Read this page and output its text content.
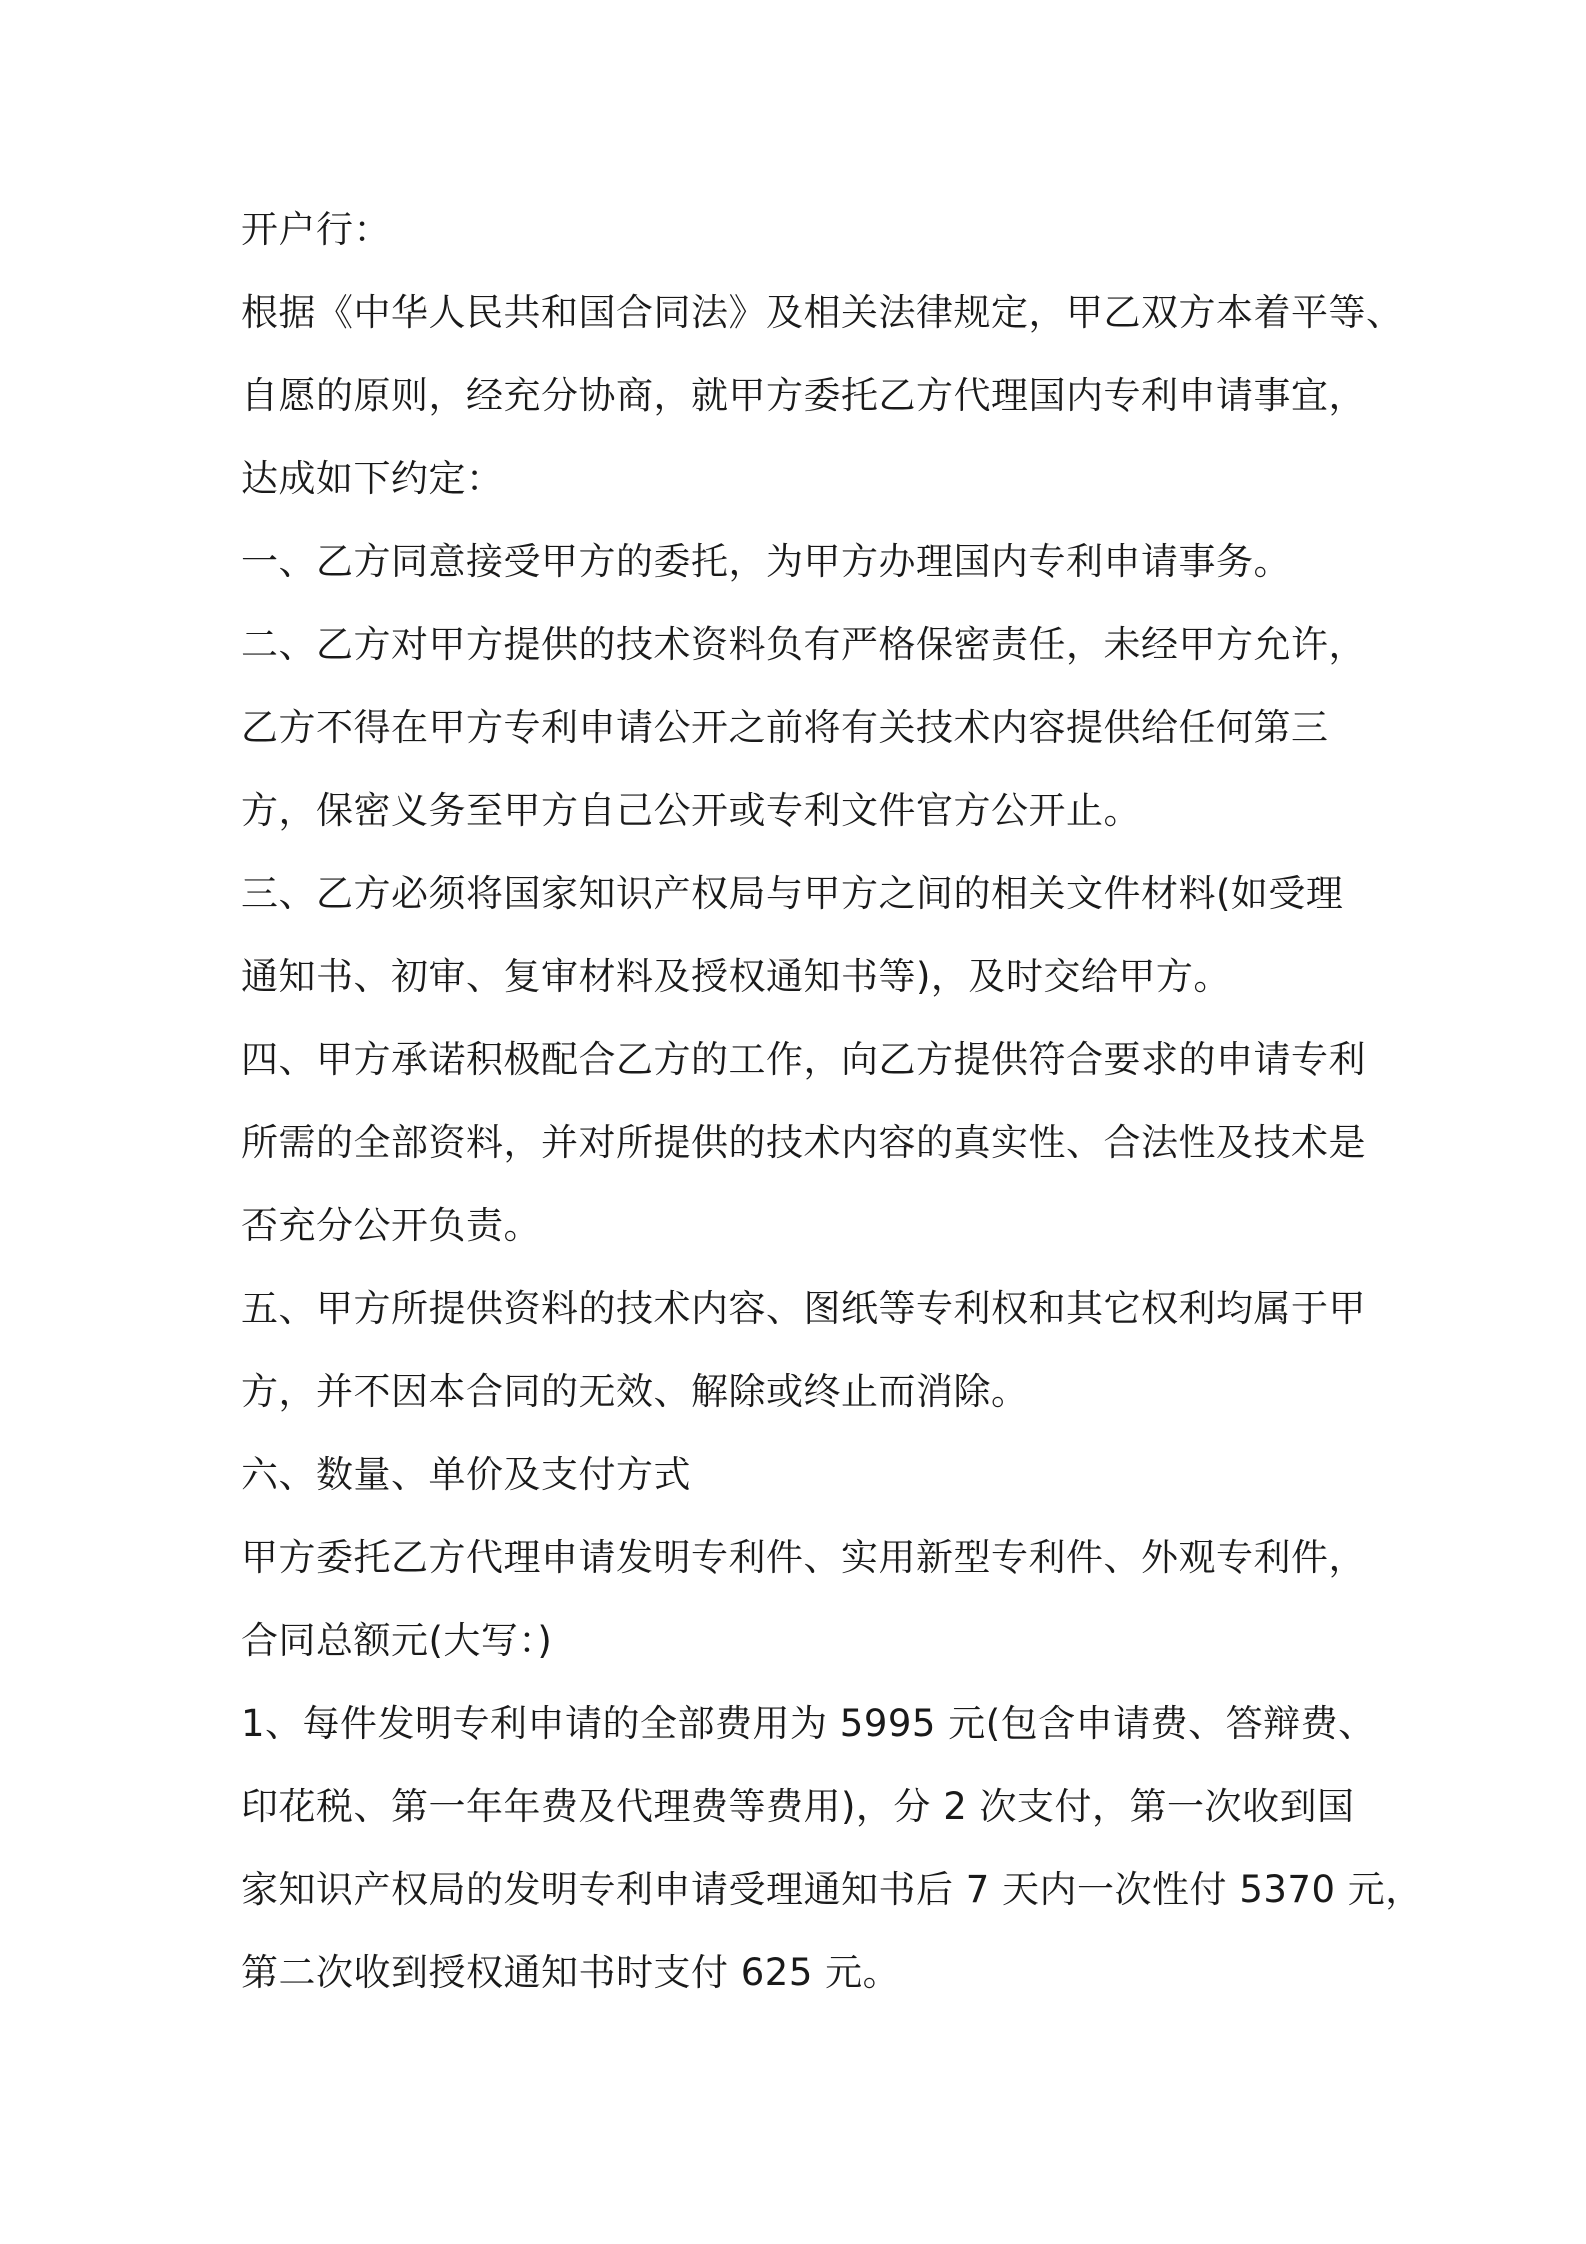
开户行：
根据《中华人民共和国合同法》及相关法律规定，甲乙双方本着平等、
自愿的原则，经充分协商，就甲方委托乙方代理国内专利申请事宜，
达成如下约定：
一、乙方同意接受甲方的委托，为甲方办理国内专利申请事务。
二、乙方对甲方提供的技术资料负有严格保密责任，未经甲方允许，
乙方不得在甲方专利申请公开之前将有关技术内容提供给任何第三
方，保密义务至甲方自己公开或专利文件官方公开止。
三、乙方必须将国家知识产权局与甲方之间的相关文件材料(如受理
通知书、初审、复审材料及授权通知书等)，及时交给甲方。
四、甲方承诺积极配合乙方的工作，向乙方提供符合要求的申请专利
所需的全部资料，并对所提供的技术内容的真实性、合法性及技术是
否充分公开负责。
五、甲方所提供资料的技术内容、图纸等专利权和其它权利均属于甲
方，并不因本合同的无效、解除或终止而消除。
六、数量、单价及支付方式
甲方委托乙方代理申请发明专利件、实用新型专利件、外观专利件，
合同总额元(大写：)
1、每件发明专利申请的全部费用为 5995 元(包含申请费、答辩费、
印花税、第一年年费及代理费等费用)，分 2 次支付，第一次收到国
家知识产权局的发明专利申请受理通知书后 7 天内一次性付 5370 元，
第二次收到授权通知书时支付 625 元。
